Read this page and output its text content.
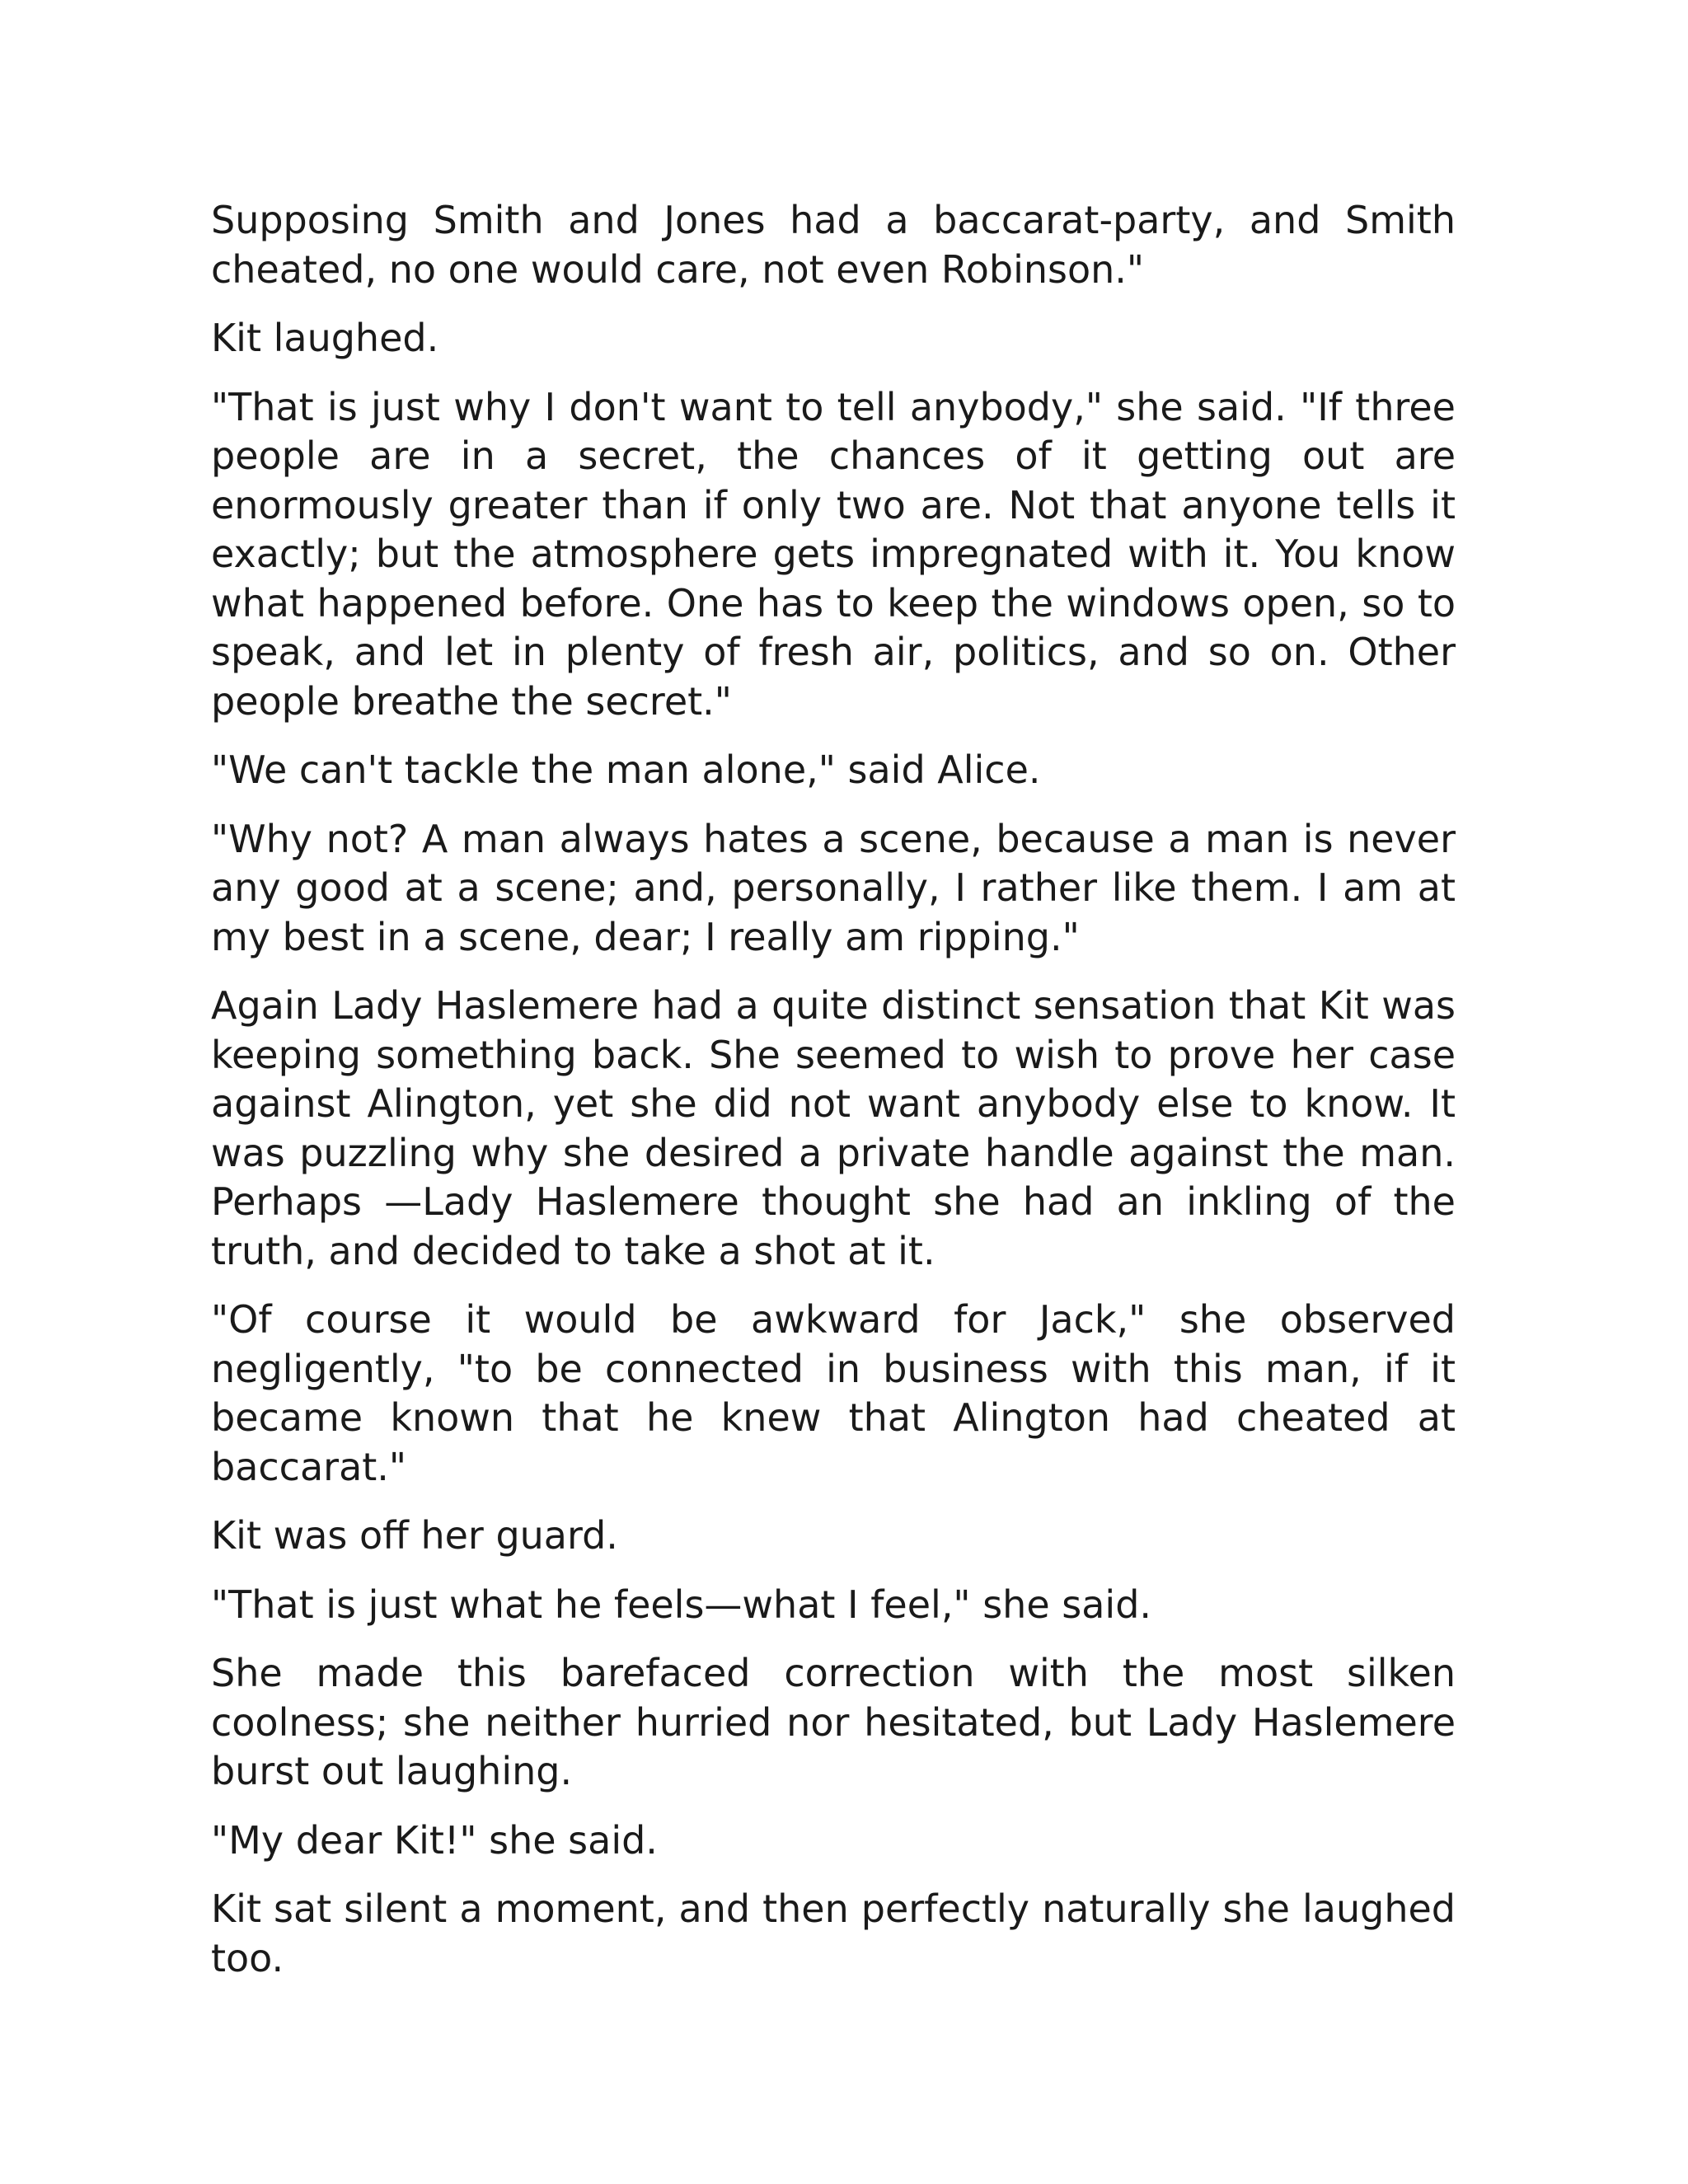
Supposing Smith and Jones had a baccarat-party, and Smith cheated, no one would care, not even Robinson."

Kit laughed.

"That is just why I don't want to tell anybody," she said. "If three people are in a secret, the chances of it getting out are enormously greater than if only two are. Not that anyone tells it exactly; but the atmosphere gets impregnated with it. You know what happened before. One has to keep the windows open, so to speak, and let in plenty of fresh air, politics, and so on. Other people breathe the secret."

"We can't tackle the man alone," said Alice.

"Why not? A man always hates a scene, because a man is never any good at a scene; and, personally, I rather like them. I am at my best in a scene, dear; I really am ripping."

Again Lady Haslemere had a quite distinct sensation that Kit was keeping something back. She seemed to wish to prove her case against Alington, yet she did not want anybody else to know. It was puzzling why she desired a private handle against the man. Perhaps —Lady Haslemere thought she had an inkling of the truth, and decided to take a shot at it.

"Of course it would be awkward for Jack," she observed negligently, "to be connected in business with this man, if it became known that he knew that Alington had cheated at baccarat."

Kit was off her guard.

"That is just what he feels—what I feel," she said.

She made this barefaced correction with the most silken coolness; she neither hurried nor hesitated, but Lady Haslemere burst out laughing.

"My dear Kit!" she said.

Kit sat silent a moment, and then perfectly naturally she laughed too.
